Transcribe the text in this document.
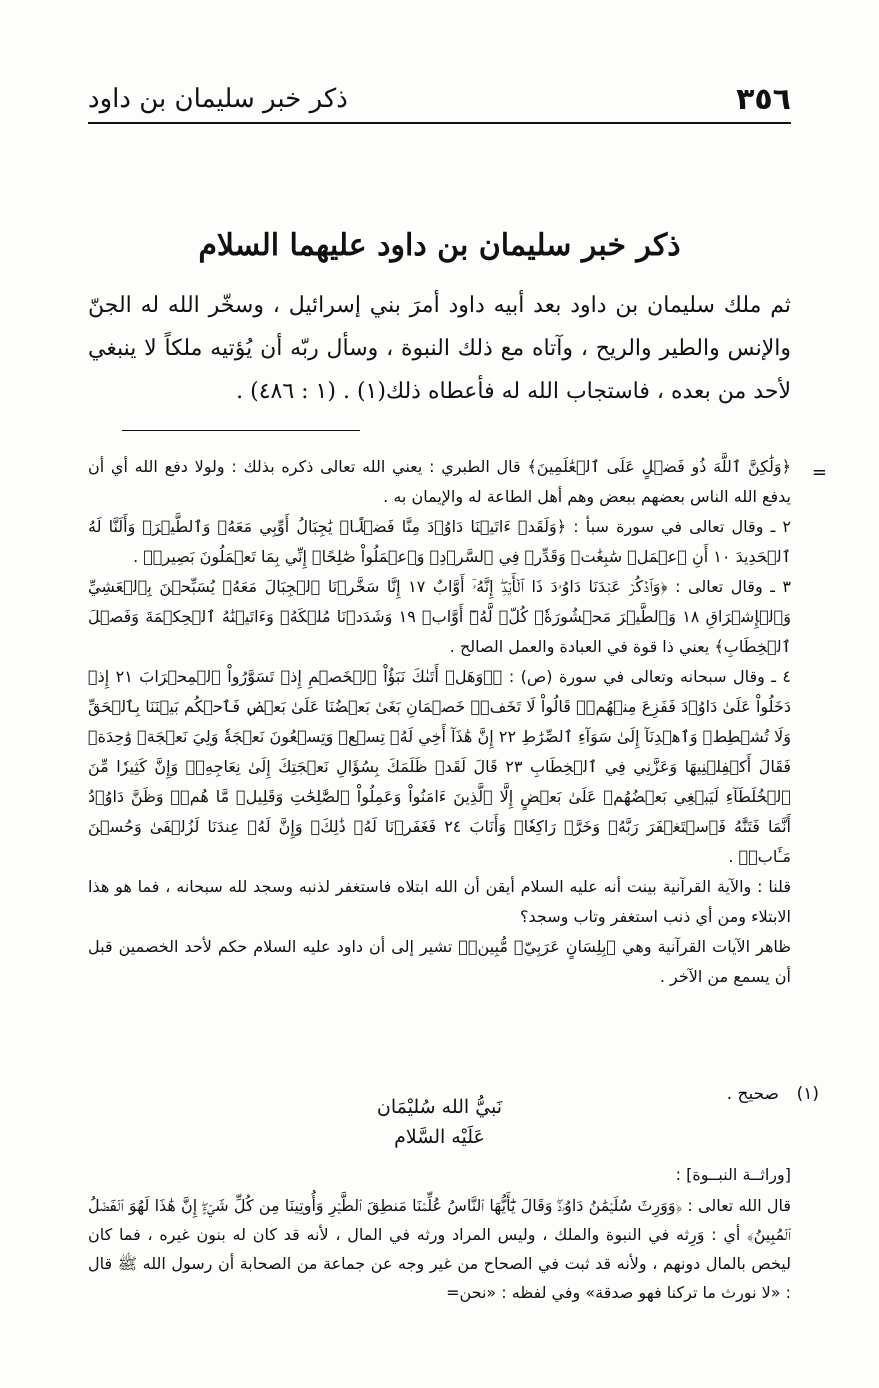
٣٥٦
ذكر خبر سليمان بن داود
ذكر خبر سليمان بن داود عليهما السلام

ثم ملك سليمان بن داود بعد أبيه داود أمرَ بني إسرائيل ، وسخّر الله له الجنّ والإنس والطير والريح ، وآتاه مع ذلك النبوة ، وسأل ربّه أن يُؤتيه ملكاً لا ينبغي لأحد من بعده ، فاستجاب الله له فأعطاه ذلك(١) . (١ : ٤٨٦) .

=

﴿وَلَٰكِنَّ ٱللَّهَ ذُو فَضۡلٍ عَلَى ٱلۡعَٰلَمِينَ﴾ قال الطبري : يعني الله تعالى ذكره بذلك : ولولا دفع الله أي أن يدفع الله الناس بعضهم ببعض وهم أهل الطاعة له والإيمان به .

٢ ـ وقال تعالى في سورة سبأ : ﴿وَلَقَدۡ ءَاتَيۡنَا دَاوُۥدَ مِنَّا فَضۡلًاۖ يَٰجِبَالُ أَوِّبِي مَعَهُۥ وَٱلطَّيۡرَۖ وَأَلَنَّا لَهُ ٱلۡحَدِيدَ ١٠ أَنِ ٱعۡمَلۡ سَٰبِغَٰتٖ وَقَدِّرۡ فِي ٱلسَّرۡدِۖ وَٱعۡمَلُواْ صَٰلِحًاۖ إِنِّي بِمَا تَعۡمَلُونَ بَصِيرٞ﴾ .

٣ ـ وقال تعالى : ﴿وَٱذۡكُرۡ عَبۡدَنَا دَاوُۥدَ ذَا ٱلۡأَيۡدِۖ إِنَّهُۥٓ أَوَّابٌ ١٧ إِنَّا سَخَّرۡنَا ٱلۡجِبَالَ مَعَهُۥ يُسَبِّحۡنَ بِٱلۡعَشِيِّ وَٱلۡإِشۡرَاقِ ١٨ وَٱلطَّيۡرَ مَحۡشُورَةٗۖ كُلّٞ لَّهُۥٓ أَوَّابٞ ١٩ وَشَدَدۡنَا مُلۡكَهُۥ وَءَاتَيۡنَٰهُ ٱلۡحِكۡمَةَ وَفَصۡلَ ٱلۡخِطَابِ﴾ يعني ذا قوة في العبادة والعمل الصالح .

٤ ـ وقال سبحانه وتعالى في سورة (ص) : ﴿۞وَهَلۡ أَتَىٰكَ نَبَؤُاْ ٱلۡخَصۡمِ إِذۡ تَسَوَّرُواْ ٱلۡمِحۡرَابَ ٢١ إِذۡ دَخَلُواْ عَلَىٰ دَاوُۥدَ فَفَزِعَ مِنۡهُمۡۖ قَالُواْ لَا تَخَفۡۖ خَصۡمَانِ بَغَىٰ بَعۡضُنَا عَلَىٰ بَعۡضٖ فَٱحۡكُم بَيۡنَنَا بِٱلۡحَقِّ وَلَا تُشۡطِطۡ وَٱهۡدِنَآ إِلَىٰ سَوَآءِ ٱلصِّرَٰطِ ٢٢ إِنَّ هَٰذَآ أَخِي لَهُۥ تِسۡعٞ وَتِسۡعُونَ نَعۡجَةٗ وَلِيَ نَعۡجَةٞ وَٰحِدَةٞ فَقَالَ أَكۡفِلۡنِيهَا وَعَزَّنِي فِي ٱلۡخِطَابِ ٢٣ قَالَ لَقَدۡ ظَلَمَكَ بِسُؤَالِ نَعۡجَتِكَ إِلَىٰ نِعَاجِهِۦۖ وَإِنَّ كَثِيرٗا مِّنَ ٱلۡخُلَطَآءِ لَيَبۡغِي بَعۡضُهُمۡ عَلَىٰ بَعۡضٍ إِلَّا ٱلَّذِينَ ءَامَنُواْ وَعَمِلُواْ ٱلصَّٰلِحَٰتِ وَقَلِيلٞ مَّا هُمۡۗ وَظَنَّ دَاوُۥدُ أَنَّمَا فَتَنَّٰهُ فَٱسۡتَغۡفَرَ رَبَّهُۥ وَخَرَّۤ رَاكِعٗاۤ وَأَنَابَ ٢٤ فَغَفَرۡنَا لَهُۥ ذَٰلِكَۖ وَإِنَّ لَهُۥ عِندَنَا لَزُلۡفَىٰ وَحُسۡنَ مَـَٔابٖ﴾ .

قلنا : والآية القرآنية بينت أنه عليه السلام أيقن أن الله ابتلاه فاستغفر لذنبه وسجد لله سبحانه ، فما هو هذا الابتلاء ومن أي ذنب استغفر وتاب وسجد؟

ظاهر الآيات القرآنية وهي ﴿بِلِسَانٍ عَرَبِيّٖ مُّبِينٖ﴾ تشير إلى أن داود عليه السلام حكم لأحد الخصمين قبل أن يسمع من الآخر .

(١)
صحيح .
نَبيُّ الله سُليْمَان
عَلَيْه السَّلام

[وراثــة النبــوة] :

قال الله تعالى : ﴿وَوَرِثَ سُلَيۡمَٰنُ دَاوُۥدَۖ وَقَالَ يَٰٓأَيُّهَا ٱلنَّاسُ عُلِّمۡنَا مَنطِقَ ٱلطَّيۡرِ وَأُوتِينَا مِن كُلِّ شَيۡءٍۖ إِنَّ هَٰذَا لَهُوَ ٱلۡفَضۡلُ ٱلۡمُبِينُ﴾ أي : وَرِثه في النبوة والملك ، وليس المراد ورثه في المال ، لأنه قد كان له بنون غيره ، فما كان ليخص بالمال دونهم ، ولأنه قد ثبت في الصحاح من غير وجه عن جماعة من الصحابة أن رسول الله ﷺ قال : «لا نورث ما تركنا فهو صدقة» وفي لفظه : «نحن=
